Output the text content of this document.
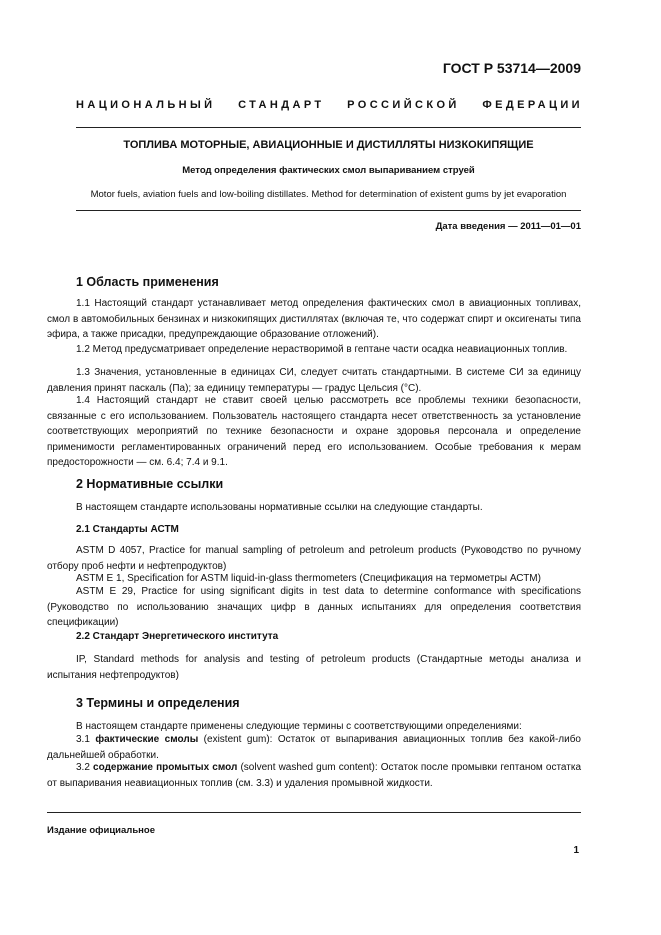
ГОСТ Р 53714—2009
НАЦИОНАЛЬНЫЙ СТАНДАРТ РОССИЙСКОЙ ФЕДЕРАЦИИ
ТОПЛИВА МОТОРНЫЕ, АВИАЦИОННЫЕ И ДИСТИЛЛЯТЫ НИЗКОКИПЯЩИЕ
Метод определения фактических смол выпариванием струей
Motor fuels, aviation fuels and low-boiling distillates. Method for determination of existent gums by jet evaporation
Дата введения — 2011—01—01
1 Область применения
1.1 Настоящий стандарт устанавливает метод определения фактических смол в авиационных топливах, смол в автомобильных бензинах и низкокипящих дистиллятах (включая те, что содержат спирт и оксигенаты типа эфира, а также присадки, предупреждающие образование отложений).
1.2 Метод предусматривает определение нерастворимой в гептане части осадка неавиационных топлив.
1.3 Значения, установленные в единицах СИ, следует считать стандартными. В системе СИ за единицу давления принят паскаль (Па); за единицу температуры — градус Цельсия (°С).
1.4 Настоящий стандарт не ставит своей целью рассмотреть все проблемы техники безопасности, связанные с его использованием. Пользователь настоящего стандарта несет ответственность за установление соответствующих мероприятий по технике безопасности и охране здоровья персонала и определение применимости регламентированных ограничений перед его использованием. Особые требования к мерам предосторожности — см. 6.4; 7.4 и 9.1.
2 Нормативные ссылки
В настоящем стандарте использованы нормативные ссылки на следующие стандарты.
2.1 Стандарты АСТМ
ASTM D 4057, Practice for manual sampling of petroleum and petroleum products (Руководство по ручному отбору проб нефти и нефтепродуктов)
ASTM E 1, Specification for ASTM liquid-in-glass thermometers (Спецификация на термометры АСТМ)
ASTM E 29, Practice for using significant digits in test data to determine conformance with specifications (Руководство по использованию значащих цифр в данных испытаниях для определения соответствия спецификации)
2.2 Стандарт Энергетического института
IP, Standard methods for analysis and testing of petroleum products (Стандартные методы анализа и испытания нефтепродуктов)
3 Термины и определения
В настоящем стандарте применены следующие термины с соответствующими определениями:
3.1 фактические смолы (existent gum): Остаток от выпаривания авиационных топлив без какой-либо дальнейшей обработки.
3.2 содержание промытых смол (solvent washed gum content): Остаток после промывки гептаном остатка от выпаривания неавиационных топлив (см. 3.3) и удаления промывной жидкости.
Издание официальное
1
